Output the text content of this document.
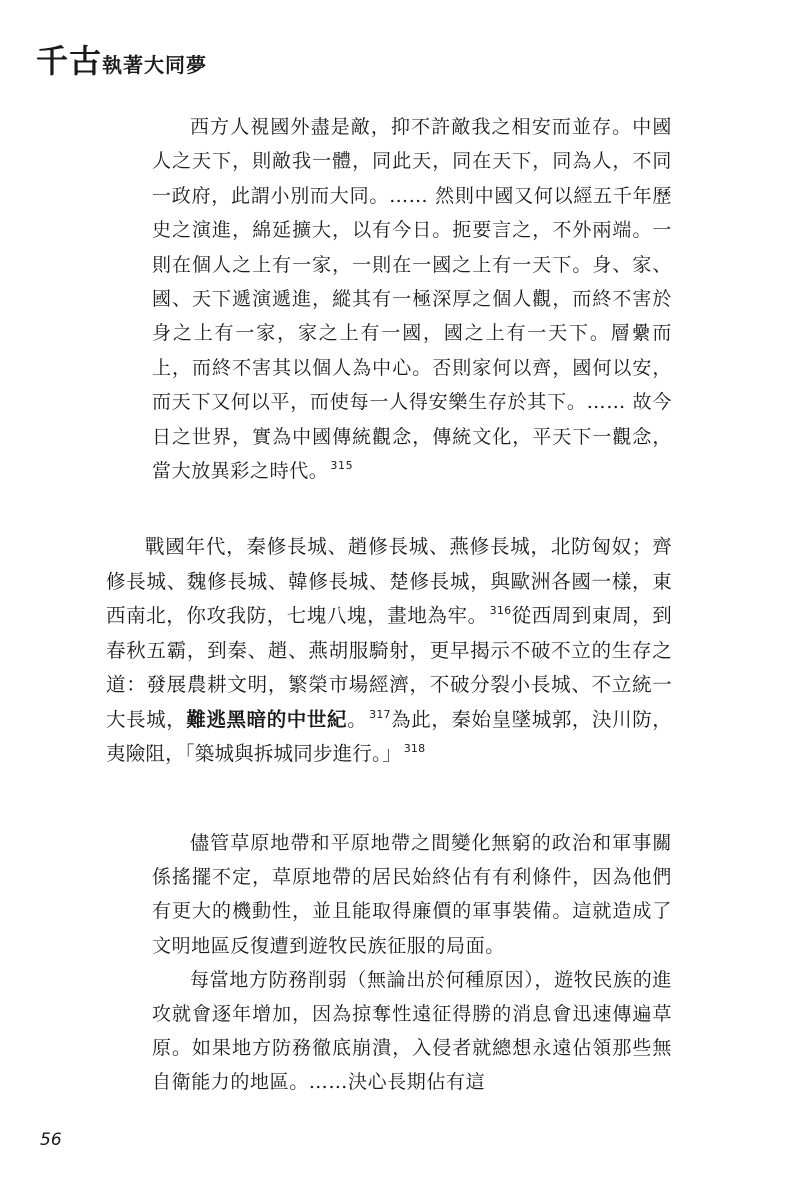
千古執著大同夢

西方人視國外盡是敵，抑不許敵我之相安而並存。中國人之天下，則敵我一體，同此天，同在天下，同為人，不同一政府，此謂小別而大同。…… 然則中國又何以經五千年歷史之演進，綿延擴大，以有今日。扼要言之，不外兩端。一則在個人之上有一家，一則在一國之上有一天下。身、家、國、天下遞演遞進，縱其有一極深厚之個人觀，而終不害於身之上有一家，家之上有一國，國之上有一天下。層纍而上，而終不害其以個人為中心。否則家何以齊，國何以安，而天下又何以平，而使每一人得安樂生存於其下。…… 故今日之世界，實為中國傳統觀念，傳統文化，平天下一觀念，當大放異彩之時代。 $^{315}$

戰國年代，秦修長城、趙修長城、燕修長城，北防匈奴；齊修長城、魏修長城、韓修長城、楚修長城，與歐洲各國一樣，東西南北，你攻我防，七塊八塊，畫地為牢。 $^{316}$從西周到東周，到春秋五霸，到秦、趙、燕胡服騎射，更早揭示不破不立的生存之道：發展農耕文明，繁榮市場經濟，不破分裂小長城、不立統一大長城，難逃黑暗的中世紀。 $^{317}$為此，秦始皇墜城郭，決川防，夷險阻，「築城與拆城同步進行。」 $^{318}$

儘管草原地帶和平原地帶之間變化無窮的政治和軍事關係搖擺不定，草原地帶的居民始終佔有有利條件，因為他們有更大的機動性，並且能取得廉價的軍事裝備。這就造成了文明地區反復遭到遊牧民族征服的局面。

每當地方防務削弱（無論出於何種原因），遊牧民族的進攻就會逐年增加，因為掠奪性遠征得勝的消息會迅速傳遍草原。如果地方防務徹底崩潰，入侵者就總想永遠佔領那些無自衛能力的地區。……決心長期佔有這

56
